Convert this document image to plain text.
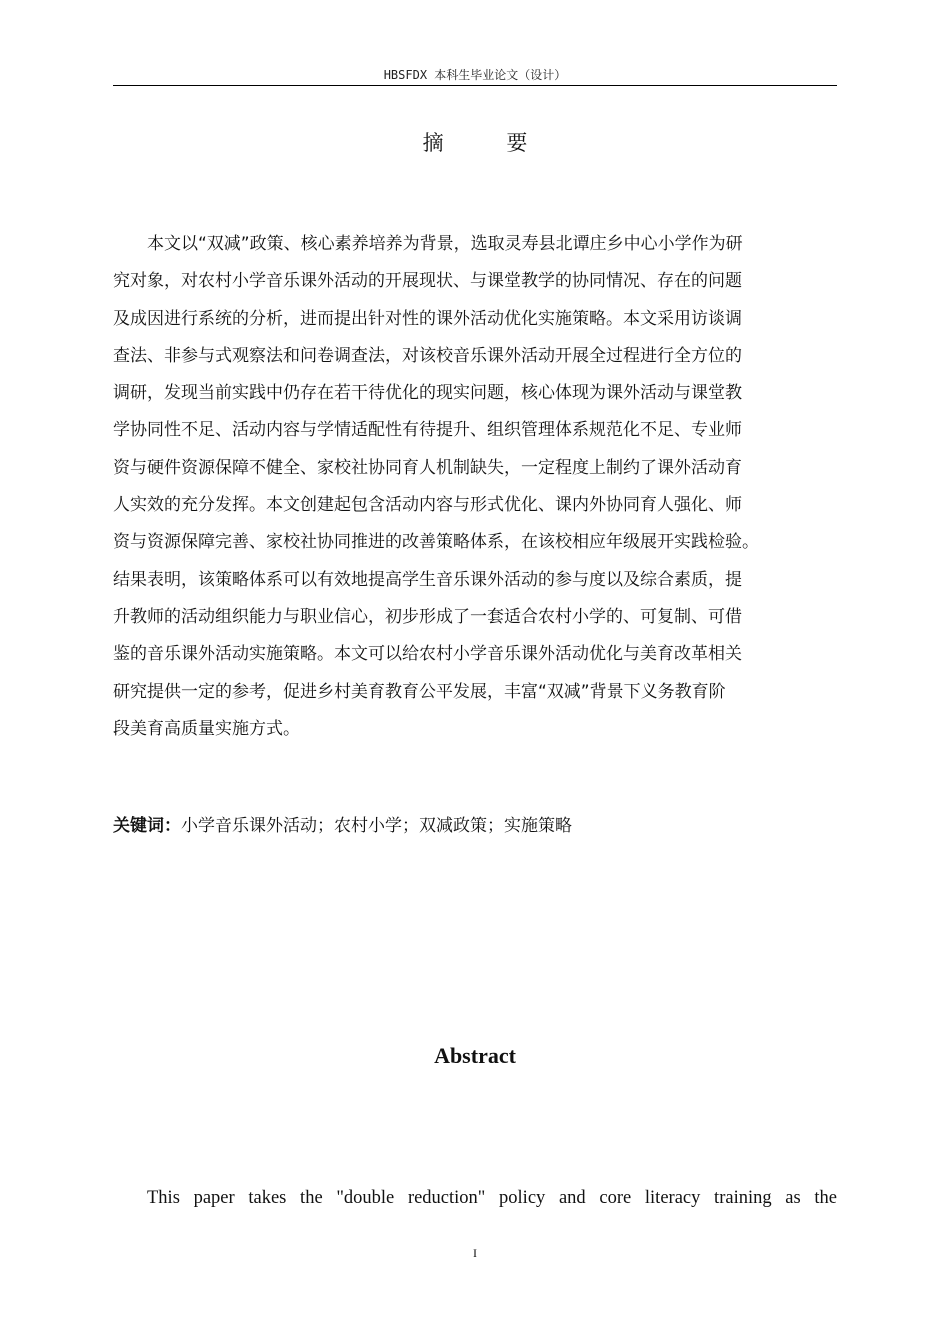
HBSFDX 本科生毕业论文（设计）
摘 要
本文以“双减”政策、核心素养培养为背景，选取灵寿县北谭庄乡中心小学作为研
究对象，对农村小学音乐课外活动的开展现状、与课堂教学的协同情况、存在的问题
及成因进行系统的分析，进而提出针对性的课外活动优化实施策略。本文采用访谈调
查法、非参与式观察法和问卷调查法，对该校音乐课外活动开展全过程进行全方位的
调研，发现当前实践中仍存在若干待优化的现实问题，核心体现为课外活动与课堂教
学协同性不足、活动内容与学情适配性有待提升、组织管理体系规范化不足、专业师
资与硬件资源保障不健全、家校社协同育人机制缺失，一定程度上制约了课外活动育
人实效的充分发挥。本文创建起包含活动内容与形式优化、课内外协同育人强化、师
资与资源保障完善、家校社协同推进的改善策略体系，在该校相应年级展开实践检验。
结果表明，该策略体系可以有效地提高学生音乐课外活动的参与度以及综合素质，提
升教师的活动组织能力与职业信心，初步形成了一套适合农村小学的、可复制、可借
鉴的音乐课外活动实施策略。本文可以给农村小学音乐课外活动优化与美育改革相关
研究提供一定的参考，促进乡村美育教育公平发展，丰富“双减”背景下义务教育阶
段美育高质量实施方式。
关键词：小学音乐课外活动；农村小学；双减政策；实施策略
Abstract
This paper takes the "double reduction" policy and core literacy training as the
I
